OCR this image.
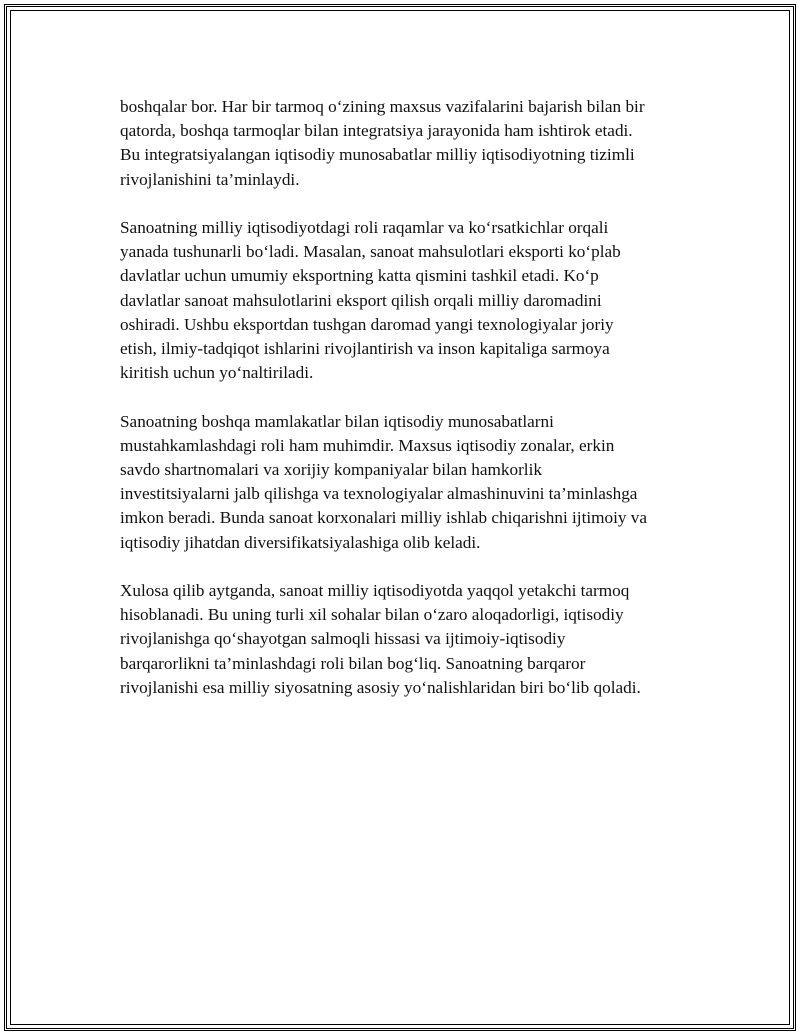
boshqalar bor. Har bir tarmoq o‘zining maxsus vazifalarini bajarish bilan bir
qatorda, boshqa tarmoqlar bilan integratsiya jarayonida ham ishtirok etadi.
Bu integratsiyalangan iqtisodiy munosabatlar milliy iqtisodiyotning tizimli
rivojlanishini ta’minlaydi.

Sanoatning milliy iqtisodiyotdagi roli raqamlar va ko‘rsatkichlar orqali
yanada tushunarli bo‘ladi. Masalan, sanoat mahsulotlari eksporti ko‘plab
davlatlar uchun umumiy eksportning katta qismini tashkil etadi. Ko‘p
davlatlar sanoat mahsulotlarini eksport qilish orqali milliy daromadini
oshiradi. Ushbu eksportdan tushgan daromad yangi texnologiyalar joriy
etish, ilmiy-tadqiqot ishlarini rivojlantirish va inson kapitaliga sarmoya
kiritish uchun yo‘naltiriladi.

Sanoatning boshqa mamlakatlar bilan iqtisodiy munosabatlarni
mustahkamlashdagi roli ham muhimdir. Maxsus iqtisodiy zonalar, erkin
savdo shartnomalari va xorijiy kompaniyalar bilan hamkorlik
investitsiyalarni jalb qilishga va texnologiyalar almashinuvini ta’minlashga
imkon beradi. Bunda sanoat korxonalari milliy ishlab chiqarishni ijtimoiy va
iqtisodiy jihatdan diversifikatsiyalashiga olib keladi.

Xulosa qilib aytganda, sanoat milliy iqtisodiyotda yaqqol yetakchi tarmoq
hisoblanadi. Bu uning turli xil sohalar bilan o‘zaro aloqadorligi, iqtisodiy
rivojlanishga qo‘shayotgan salmoqli hissasi va ijtimoiy-iqtisodiy
barqarorlikni ta’minlashdagi roli bilan bog‘liq. Sanoatning barqaror
rivojlanishi esa milliy siyosatning asosiy yo‘nalishlaridan biri bo‘lib qoladi.
